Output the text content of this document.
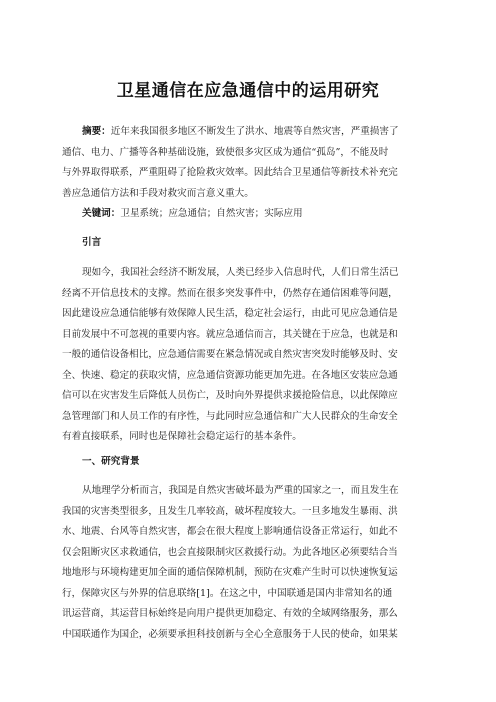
卫星通信在应急通信中的运用研究
摘要：近年来我国很多地区不断发生了洪水、地震等自然灾害，严重损害了
通信、电力、广播等各种基础设施，致使很多灾区成为通信“孤岛”，不能及时
与外界取得联系，严重阻碍了抢险救灾效率。因此结合卫星通信等新技术补充完
善应急通信方法和手段对救灾而言意义重大。
关键词：卫星系统；应急通信；自然灾害；实际应用
引言
现如今，我国社会经济不断发展，人类已经步入信息时代，人们日常生活已
经离不开信息技术的支撑。然而在很多突发事件中，仍然存在通信困难等问题，
因此建设应急通信能够有效保障人民生活，稳定社会运行，由此可见应急通信是
目前发展中不可忽视的重要内容。就应急通信而言，其关键在于应急，也就是和
一般的通信设备相比，应急通信需要在紧急情况或自然灾害突发时能够及时、安
全、快速、稳定的获取灾情，应急通信资源功能更加先进。在各地区安装应急通
信可以在灾害发生后降低人员伤亡，及时向外界提供求援抢险信息，以此保障应
急管理部门和人员工作的有序性，与此同时应急通信和广大人民群众的生命安全
有着直接联系，同时也是保障社会稳定运行的基本条件。
一、研究背景
从地理学分析而言，我国是自然灾害破坏最为严重的国家之一，而且发生在
我国的灾害类型很多，且发生几率较高，破坏程度较大。一旦多地发生暴雨、洪
水、地震、台风等自然灾害，都会在很大程度上影响通信设备正常运行，如此不
仅会阻断灾区求救通信，也会直接限制灾区救援行动。为此各地区必须要结合当
地地形与环境构建更加全面的通信保障机制，预防在灾难产生时可以快速恢复运
行，保障灾区与外界的信息联络[1]。在这之中，中国联通是国内非常知名的通
讯运营商，其运营目标始终是向用户提供更加稳定、有效的全域网络服务，那么
中国联通作为国企，必须要承担科技创新与全心全意服务于人民的使命，如果某
